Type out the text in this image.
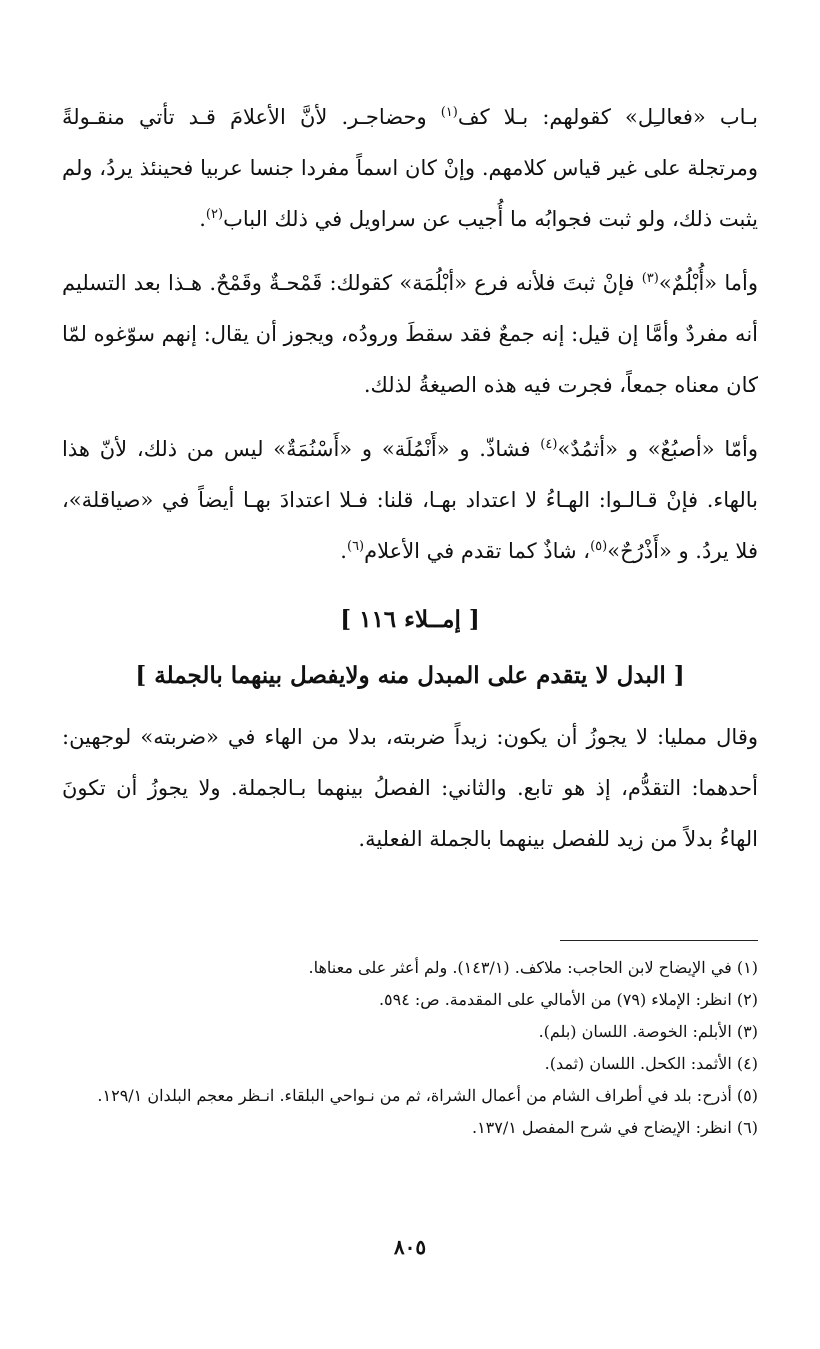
بـاب «فعالـِل» كقولهم: بـلا كف$^{(١)}$ وحضاجـر. لأنَّ الأعلامَ قـد تأتي منقـولةً ومرتجلة على غير قياس كلامهم. وإنْ كان اسماً مفردا جنسا عربيا فحينئذ يردُ، ولم يثبت ذلك، ولو ثبت فجوابُه ما أُجيب عن سراويل في ذلك الباب$^{(٢)}$.

وأما «أُبْلُمٌ»$^{(٣)}$ فإنْ ثبتَ فلأنه فرع «أبْلُمَة» كقولك: قَمْحـةٌ وقَمْحٌ. هـذا بعد التسليم أنه مفردٌ وأمَّا إن قيل: إنه جمعٌ فقد سقطَ ورودُه، ويجوز أن يقال: إنهم سوّغوه لمّا كان معناه جمعاً، فجرت فيه هذه الصيغةُ لذلك.

وأمّا «أصبُعٌ» و «أثمُدٌ»$^{(٤)}$ فشاذّ. و «أَنْمُلَة» و «أَسْنُمَةٌ» ليس من ذلك، لأنّ هذا بالهاء. فإنْ قـالـوا: الهـاءُ لا اعتداد بهـا، قلنا: فـلا اعتدادَ بهـا أيضاً في «صياقلة»، فلا يردُ. و «أَذْرُحٌ»$^{(٥)}$، شاذٌ كما تقدم في الأعلام$^{(٦)}$.

[ إمــلاء ١١٦ ]
[ البدل لا يتقدم على المبدل منه ولايفصل بينهما بالجملة ]

وقال ممليا: لا يجوزُ أن يكون: زيداً ضربته، بدلا من الهاء في «ضربته» لوجهين: أحدهما: التقدُّم، إذ هو تابع. والثاني: الفصلُ بينهما بـالجملة. ولا يجوزُ أن تكونَ الهاءُ بدلاً من زيد للفصل بينهما بالجملة الفعلية.

(١) في الإيضاح لابن الحاجب: ملاكف. (١٤٣/١). ولم أعثر على معناها.

(٢) انظر: الإملاء (٧٩) من الأمالي على المقدمة. ص: ٥٩٤.

(٣) الأبلم: الخوصة. اللسان (بلم).

(٤) الأثمد: الكحل. اللسان (ثمد).

(٥) أذرح: بلد في أطراف الشام من أعمال الشراة، ثم من نـواحي البلقاء. انـظر معجم البلدان ١٢٩/١.

(٦) انظر: الإيضاح في شرح المفصل ١٣٧/١.

٨٠٥
